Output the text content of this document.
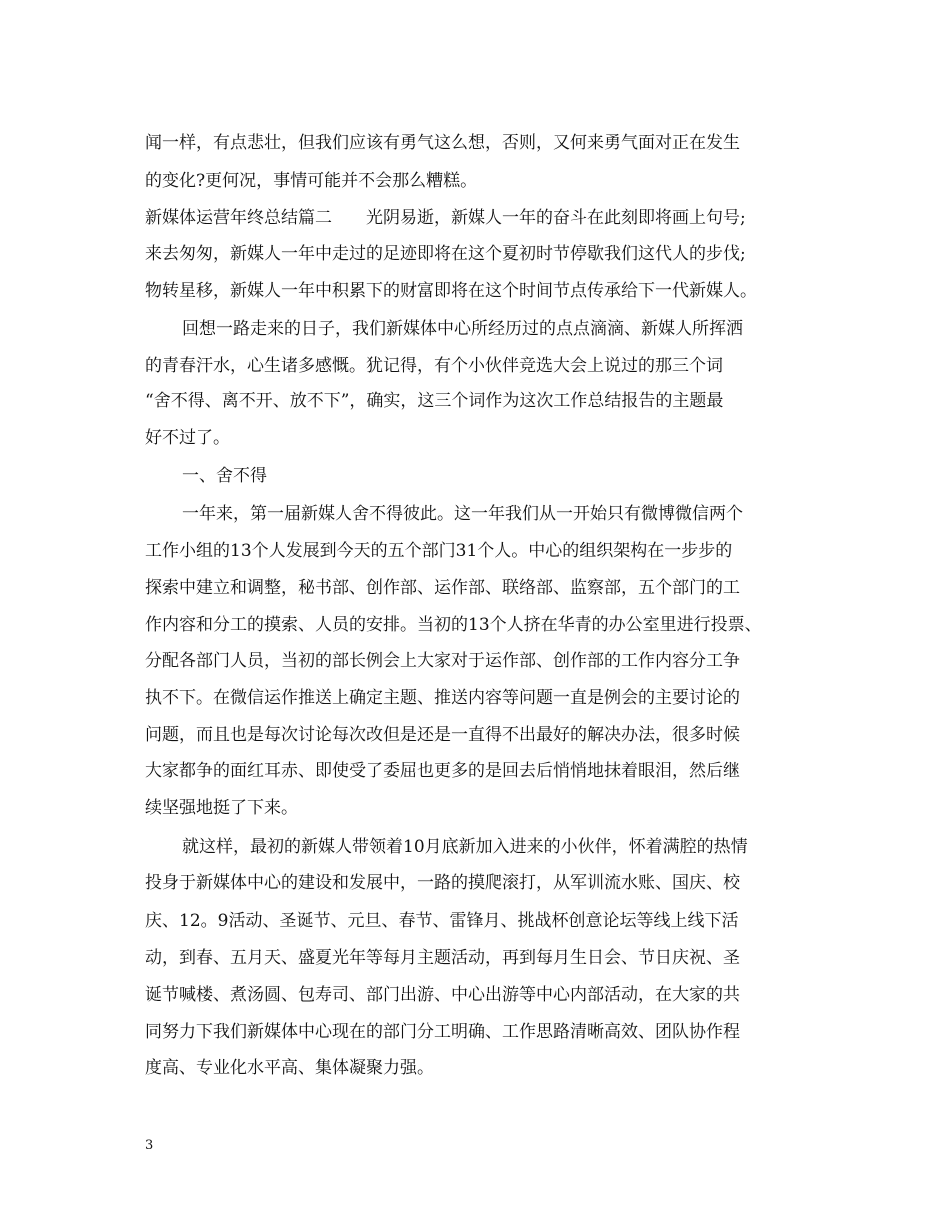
闻一样，有点悲壮，但我们应该有勇气这么想，否则，又何来勇气面对正在发生
的变化?更何况，事情可能并不会那么糟糕。
新媒体运营年终总结篇二　　光阴易逝，新媒人一年的奋斗在此刻即将画上句号;
来去匆匆，新媒人一年中走过的足迹即将在这个夏初时节停歇我们这代人的步伐;
物转星移，新媒人一年中积累下的财富即将在这个时间节点传承给下一代新媒人。
回想一路走来的日子，我们新媒体中心所经历过的点点滴滴、新媒人所挥洒
的青春汗水，心生诸多感慨。犹记得，有个小伙伴竞选大会上说过的那三个词
“舍不得、离不开、放不下”，确实，这三个词作为这次工作总结报告的主题最
好不过了。
一、舍不得
一年来，第一届新媒人舍不得彼此。这一年我们从一开始只有微博微信两个
工作小组的13个人发展到今天的五个部门31个人。中心的组织架构在一步步的
探索中建立和调整，秘书部、创作部、运作部、联络部、监察部，五个部门的工
作内容和分工的摸索、人员的安排。当初的13个人挤在华青的办公室里进行投票、
分配各部门人员，当初的部长例会上大家对于运作部、创作部的工作内容分工争
执不下。在微信运作推送上确定主题、推送内容等问题一直是例会的主要讨论的
问题，而且也是每次讨论每次改但是还是一直得不出最好的解决办法，很多时候
大家都争的面红耳赤、即使受了委屈也更多的是回去后悄悄地抹着眼泪，然后继
续坚强地挺了下来。
就这样，最初的新媒人带领着10月底新加入进来的小伙伴，怀着满腔的热情
投身于新媒体中心的建设和发展中，一路的摸爬滚打，从军训流水账、国庆、校
庆、12。9活动、圣诞节、元旦、春节、雷锋月、挑战杯创意论坛等线上线下活
动，到春、五月天、盛夏光年等每月主题活动，再到每月生日会、节日庆祝、圣
诞节喊楼、煮汤圆、包寿司、部门出游、中心出游等中心内部活动，在大家的共
同努力下我们新媒体中心现在的部门分工明确、工作思路清晰高效、团队协作程
度高、专业化水平高、集体凝聚力强。
3
